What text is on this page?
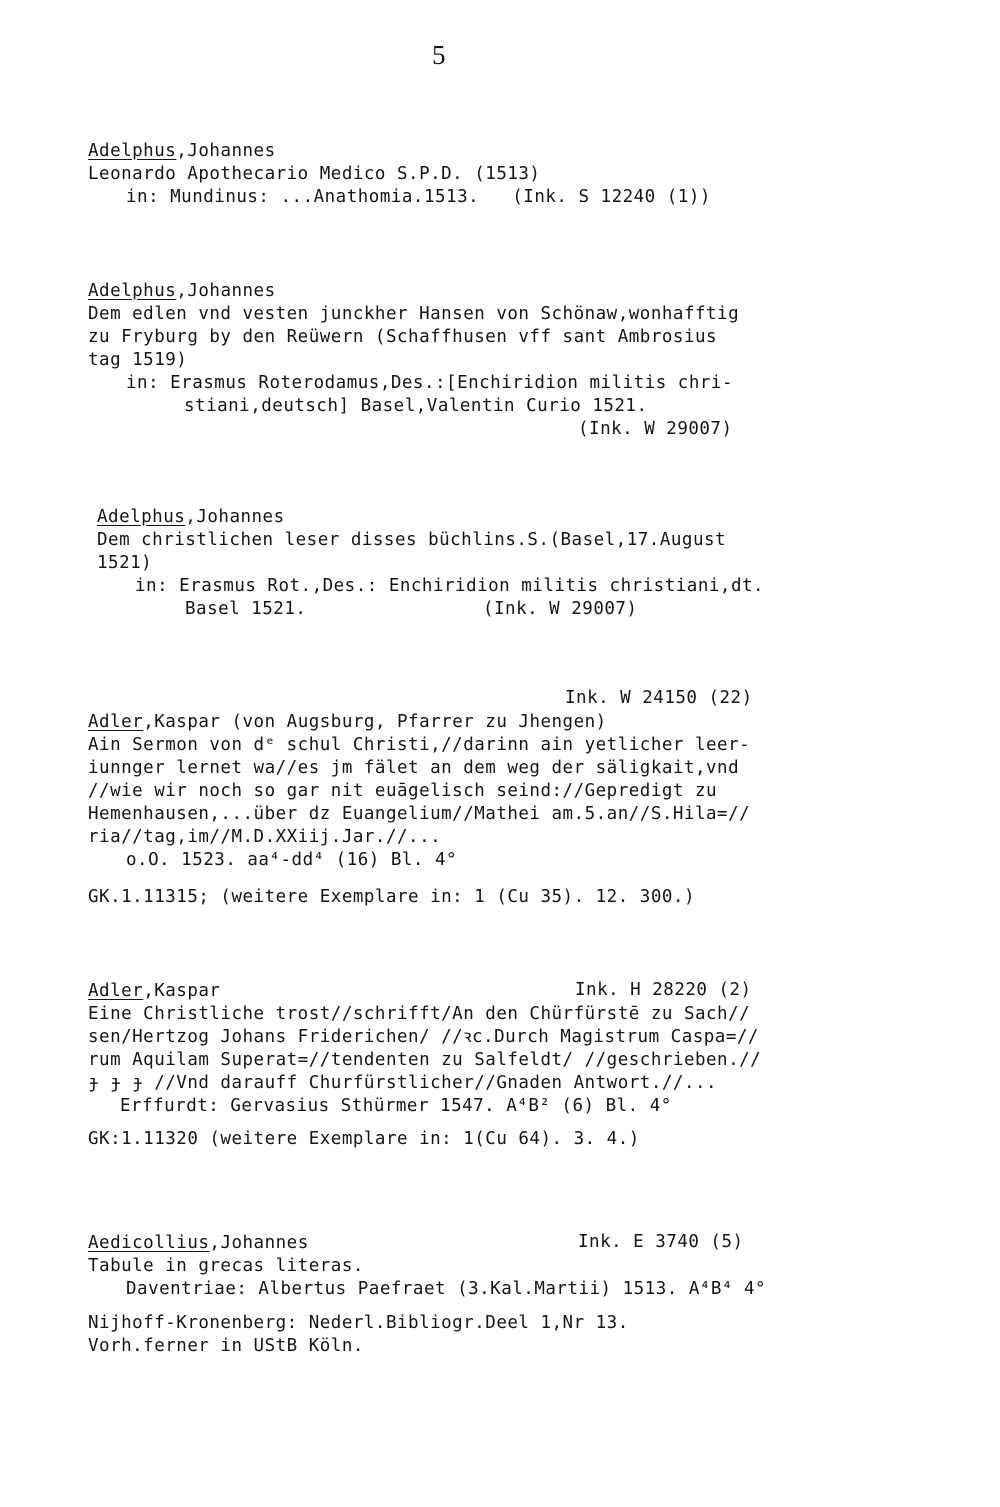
5
Adelphus,Johannes
Leonardo Apothecario Medico S.P.D. (1513)
in: Mundinus: ...Anathomia.1513.   (Ink. S 12240 (1))
Adelphus,Johannes
Dem edlen vnd vesten junckher Hansen von Schönaw,wonhafftig
zu Fryburg by den Reüwern (Schaffhusen vff sant Ambrosius
tag 1519)
in: Erasmus Roterodamus,Des.:[Enchiridion militis chri-
stiani,deutsch] Basel,Valentin Curio 1521.
(Ink. W 29007)
Adelphus,Johannes
Dem christlichen leser disses büchlins.S.(Basel,17.August
1521)
in: Erasmus Rot.,Des.: Enchiridion militis christiani,dt.
Basel 1521.                (Ink. W 29007)
Ink. W 24150 (22)
Adler,Kaspar (von Augsburg, Pfarrer zu Jhengen)
Ain Sermon von dᵉ schul Christi,//darinn ain yetlicher leer-
iunnger lernet wa//es jm fälet an dem weg der säligkait,vnd
//wie wir noch so gar nit euāgelisch seind://Gepredigt zu
Hemenhausen,...über dz Euangelium//Mathei am.5.an//S.Hila=//
ria//tag,im//M.D.XXiij.Jar.//...
o.O. 1523. aa⁴-dd⁴ (16) Bl. 4°
GK.1.11315; (weitere Exemplare in: 1 (Cu 35). 12. 300.)
Ink. H 28220 (2)
Adler,Kaspar
Eine Christliche trost//schrifft/An den Chürfürstē zu Sach//
sen/Hertzog Johans Friderichen/ //ꝛc.Durch Magistrum Caspa=//
rum Aquilam Superat=//tendenten zu Salfeldt/ //geschrieben.//
ɟ ɟ ɟ //Vnd darauff Churfürstlicher//Gnaden Antwort.//...
Erffurdt: Gervasius Sthürmer 1547. A⁴B² (6) Bl. 4°
GK:1.11320 (weitere Exemplare in: 1(Cu 64). 3. 4.)
Ink. E 3740 (5)
Aedicollius,Johannes
Tabule in grecas literas.
Daventriae: Albertus Paefraet (3.Kal.Martii) 1513. A⁴B⁴ 4°
Nijhoff-Kronenberg: Nederl.Bibliogr.Deel 1,Nr 13.
Vorh.ferner in UStB Köln.
